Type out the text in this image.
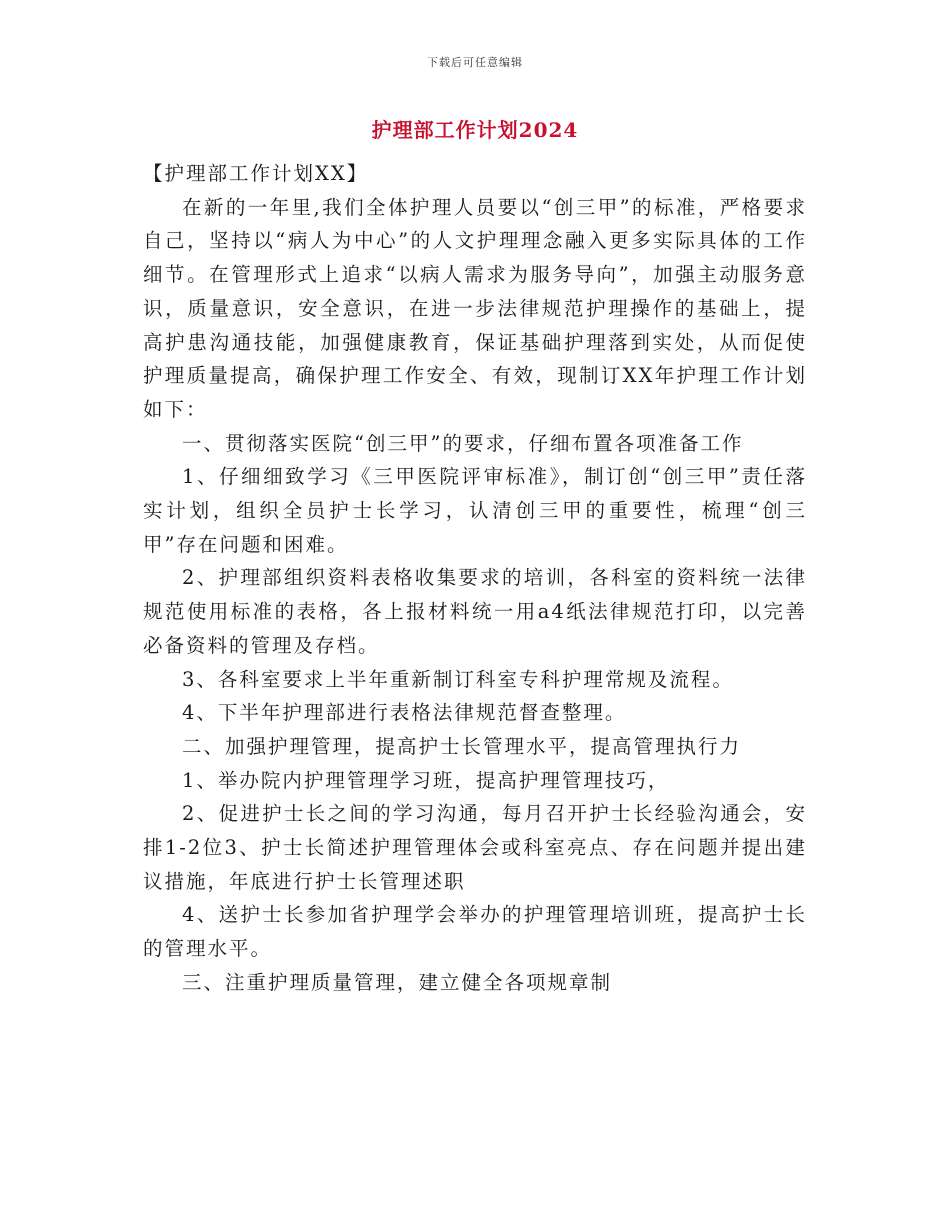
下载后可任意编辑
护理部工作计划2024

【护理部工作计划XX】

在新的一年里,我们全体护理人员要以“创三甲”的标准，严格要求自己，坚持以“病人为中心”的人文护理理念融入更多实际具体的工作细节。在管理形式上追求“以病人需求为服务导向”，加强主动服务意识，质量意识，安全意识，在进一步法律规范护理操作的基础上，提高护患沟通技能，加强健康教育，保证基础护理落到实处，从而促使护理质量提高，确保护理工作安全、有效，现制订XX年护理工作计划如下：

一、贯彻落实医院“创三甲”的要求，仔细布置各项准备工作

1、仔细细致学习《三甲医院评审标准》，制订创“创三甲”责任落实计划，组织全员护士长学习，认清创三甲的重要性，梳理“创三甲”存在问题和困难。

2、护理部组织资料表格收集要求的培训，各科室的资料统一法律规范使用标准的表格，各上报材料统一用a4纸法律规范打印，以完善必备资料的管理及存档。

3、各科室要求上半年重新制订科室专科护理常规及流程。

4、下半年护理部进行表格法律规范督查整理。

二、加强护理管理，提高护士长管理水平，提高管理执行力

1、举办院内护理管理学习班，提高护理管理技巧，

2、促进护士长之间的学习沟通，每月召开护士长经验沟通会，安排1-2位3、护士长简述护理管理体会或科室亮点、存在问题并提出建议措施，年底进行护士长管理述职

4、送护士长参加省护理学会举办的护理管理培训班，提高护士长的管理水平。

三、注重护理质量管理，建立健全各项规章制
